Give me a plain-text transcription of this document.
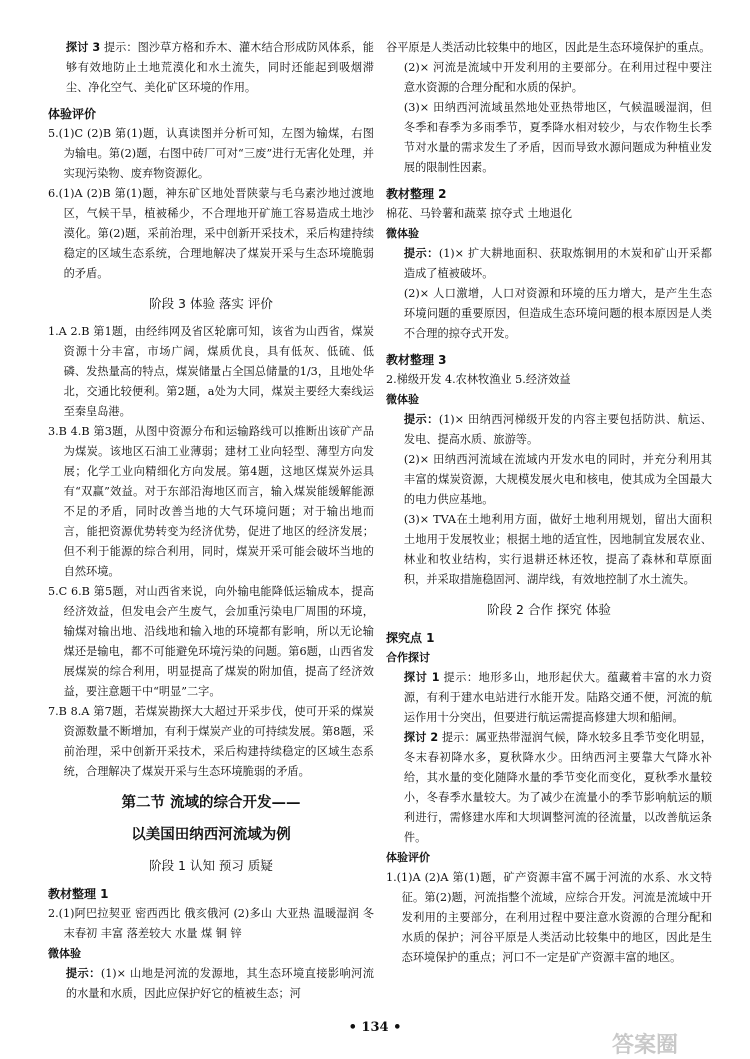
探讨 3 提示：图沙草方格和乔木、灌木结合形成防风体系，能够有效地防止土地荒漠化和水土流失，同时还能起到吸烟滞尘、净化空气、美化矿区环境的作用。

体验评价

5.(1)C (2)B 第(1)题，认真读图并分析可知，左图为输煤，右图为输电。第(2)题，右图中砖厂可对“三废”进行无害化处理，并实现污染物、废弃物资源化。

6.(1)A (2)B 第(1)题，神东矿区地处晋陕蒙与毛乌素沙地过渡地区，气候干旱，植被稀少，不合理地开矿施工容易造成土地沙漠化。第(2)题，采前治理，采中创新开采技术，采后构建持续稳定的区域生态系统，合理地解决了煤炭开采与生态环境脆弱的矛盾。

阶段 3 体验 落实 评价

1.A 2.B 第1题，由经纬网及省区轮廓可知，该省为山西省，煤炭资源十分丰富，市场广阔，煤质优良，具有低灰、低硫、低磷、发热量高的特点，煤炭储量占全国总储量的1/3，且地处华北，交通比较便利。第2题，a处为大同，煤炭主要经大秦线运至秦皇岛港。

3.B 4.B 第3题，从图中资源分布和运输路线可以推断出该矿产品为煤炭。该地区石油工业薄弱；建材工业向轻型、薄型方向发展；化学工业向精细化方向发展。第4题，这地区煤炭外运具有“双赢”效益。对于东部沿海地区而言，输入煤炭能缓解能源不足的矛盾，同时改善当地的大气环境问题；对于输出地而言，能把资源优势转变为经济优势，促进了地区的经济发展；但不利于能源的综合利用，同时，煤炭开采可能会破坏当地的自然环境。

5.C 6.B 第5题，对山西省来说，向外输电能降低运输成本，提高经济效益，但发电会产生废气，会加重污染电厂周围的环境，输煤对输出地、沿线地和输入地的环境都有影响，所以无论输煤还是输电，都不可能避免环境污染的问题。第6题，山西省发展煤炭的综合利用，明显提高了煤炭的附加值，提高了经济效益，要注意题干中“明显”二字。

7.B 8.A 第7题，若煤炭勘探大大超过开采步伐，使可开采的煤炭资源数量不断增加，有利于煤炭产业的可持续发展。第8题，采前治理，采中创新开采技术，采后构建持续稳定的区域生态系统，合理解决了煤炭开采与生态环境脆弱的矛盾。

第二节 流域的综合开发——

以美国田纳西河流域为例

阶段 1 认知 预习 质疑

教材整理 1

2.(1)阿巴拉契亚 密西西比 俄亥俄河 (2)多山 大亚热 温暖湿润 冬末春初 丰富 落差较大 水量 煤 铜 锌

微体验

提示：(1)× 山地是河流的发源地，其生态环境直接影响河流的水量和水质，因此应保护好它的植被生态；河

谷平原是人类活动比较集中的地区，因此是生态环境保护的重点。

(2)× 河流是流域中开发利用的主要部分。在利用过程中要注意水资源的合理分配和水质的保护。

(3)× 田纳西河流域虽然地处亚热带地区，气候温暖湿润，但冬季和春季为多雨季节，夏季降水相对较少，与农作物生长季节对水量的需求发生了矛盾，因而导致水源问题成为种植业发展的限制性因素。

教材整理 2

棉花、马铃薯和蔬菜 掠夺式 土地退化

微体验

提示：(1)× 扩大耕地面积、获取炼铜用的木炭和矿山开采都造成了植被破坏。

(2)× 人口激增，人口对资源和环境的压力增大，是产生生态环境问题的重要原因，但造成生态环境问题的根本原因是人类不合理的掠夺式开发。

教材整理 3

2.梯级开发 4.农林牧渔业 5.经济效益

微体验

提示：(1)× 田纳西河梯级开发的内容主要包括防洪、航运、发电、提高水质、旅游等。

(2)× 田纳西河流域在流域内开发水电的同时，并充分利用其丰富的煤炭资源，大规模发展火电和核电，使其成为全国最大的电力供应基地。

(3)× TVA在土地利用方面，做好土地利用规划，留出大面积土地用于发展牧业；根据土地的适宜性，因地制宜发展农业、林业和牧业结构，实行退耕还林还牧，提高了森林和草原面积，并采取措施稳固河、湖岸线，有效地控制了水土流失。

阶段 2 合作 探究 体验

探究点 1

合作探讨

探讨 1 提示：地形多山，地形起伏大。蕴藏着丰富的水力资源，有利于建水电站进行水能开发。陆路交通不便，河流的航运作用十分突出，但要进行航运需提高修建大坝和船闸。

探讨 2 提示：属亚热带湿润气候，降水较多且季节变化明显，冬末春初降水多，夏秋降水少。田纳西河主要靠大气降水补给，其水量的变化随降水量的季节变化而变化，夏秋季水量较小，冬春季水量较大。为了减少在流量小的季节影响航运的顺利进行，需修建水库和大坝调整河流的径流量，以改善航运条件。

体验评价

1.(1)A (2)A 第(1)题，矿产资源丰富不属于河流的水系、水文特征。第(2)题，河流指整个流域，应综合开发。河流是流域中开发利用的主要部分，在利用过程中要注意水资源的合理分配和水质的保护；河谷平原是人类活动比较集中的地区，因此是生态环境保护的重点；河口不一定是矿产资源丰富的地区。

• 134 •
答案圈
